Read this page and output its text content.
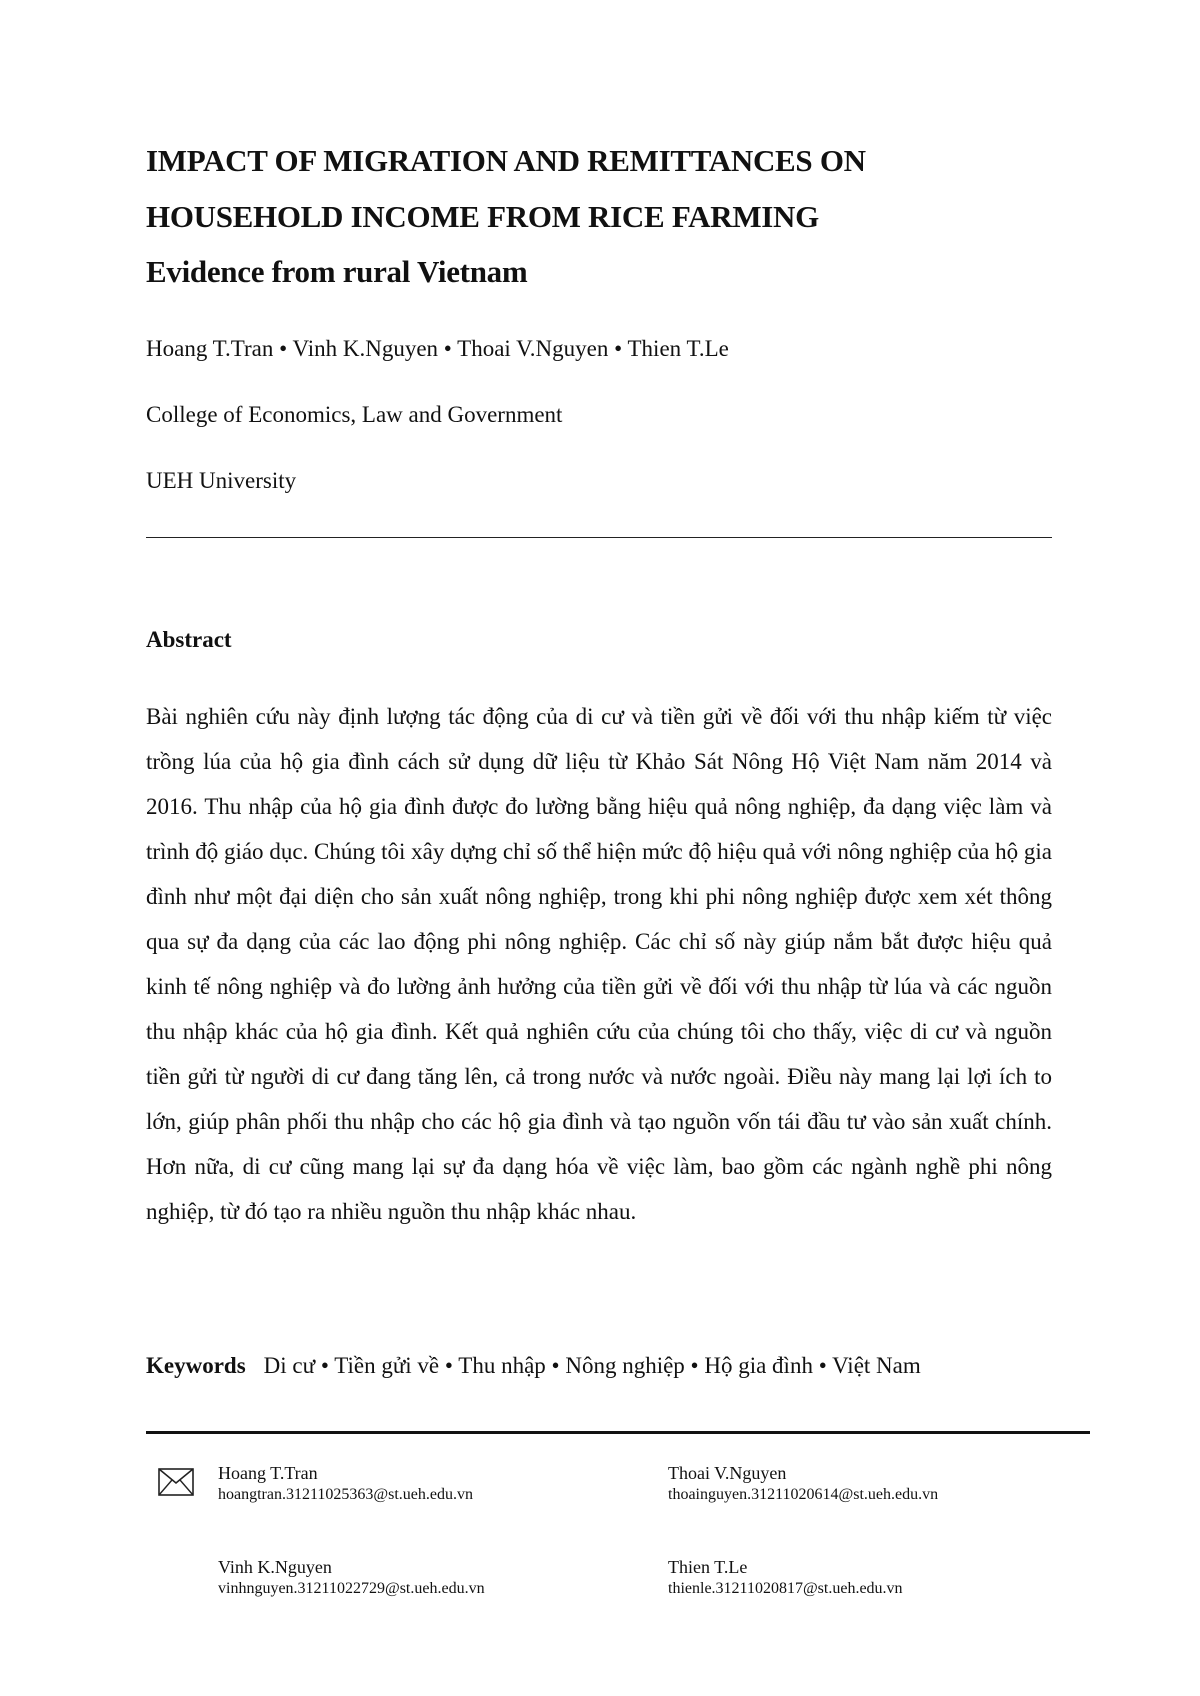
IMPACT OF MIGRATION AND REMITTANCES ON
HOUSEHOLD INCOME FROM RICE FARMING
Evidence from rural Vietnam
Hoang T.Tran • Vinh K.Nguyen • Thoai V.Nguyen • Thien T.Le
College of Economics, Law and Government
UEH University
Abstract

Bài nghiên cứu này định lượng tác động của di cư và tiền gửi về đối với thu nhập kiếm từ việc trồng lúa của hộ gia đình cách sử dụng dữ liệu từ Khảo Sát Nông Hộ Việt Nam năm 2014 và 2016. Thu nhập của hộ gia đình được đo lường bằng hiệu quả nông nghiệp, đa dạng việc làm và trình độ giáo dục. Chúng tôi xây dựng chỉ số thể hiện mức độ hiệu quả với nông nghiệp của hộ gia đình như một đại diện cho sản xuất nông nghiệp, trong khi phi nông nghiệp được xem xét thông qua sự đa dạng của các lao động phi nông nghiệp. Các chỉ số này giúp nắm bắt được hiệu quả kinh tế nông nghiệp và đo lường ảnh hưởng của tiền gửi về đối với thu nhập từ lúa và các nguồn thu nhập khác của hộ gia đình. Kết quả nghiên cứu của chúng tôi cho thấy, việc di cư và nguồn tiền gửi từ người di cư đang tăng lên, cả trong nước và nước ngoài. Điều này mang lại lợi ích to lớn, giúp phân phối thu nhập cho các hộ gia đình và tạo nguồn vốn tái đầu tư vào sản xuất chính. Hơn nữa, di cư cũng mang lại sự đa dạng hóa về việc làm, bao gồm các ngành nghề phi nông nghiệp, từ đó tạo ra nhiều nguồn thu nhập khác nhau.

Keywords Di cư • Tiền gửi về • Thu nhập • Nông nghiệp • Hộ gia đình • Việt Nam
Hoang T.Tran
hoangtran.31211025363@st.ueh.edu.vn
Thoai V.Nguyen
thoainguyen.31211020614@st.ueh.edu.vn
Vinh K.Nguyen
vinhnguyen.31211022729@st.ueh.edu.vn
Thien T.Le
thienle.31211020817@st.ueh.edu.vn
